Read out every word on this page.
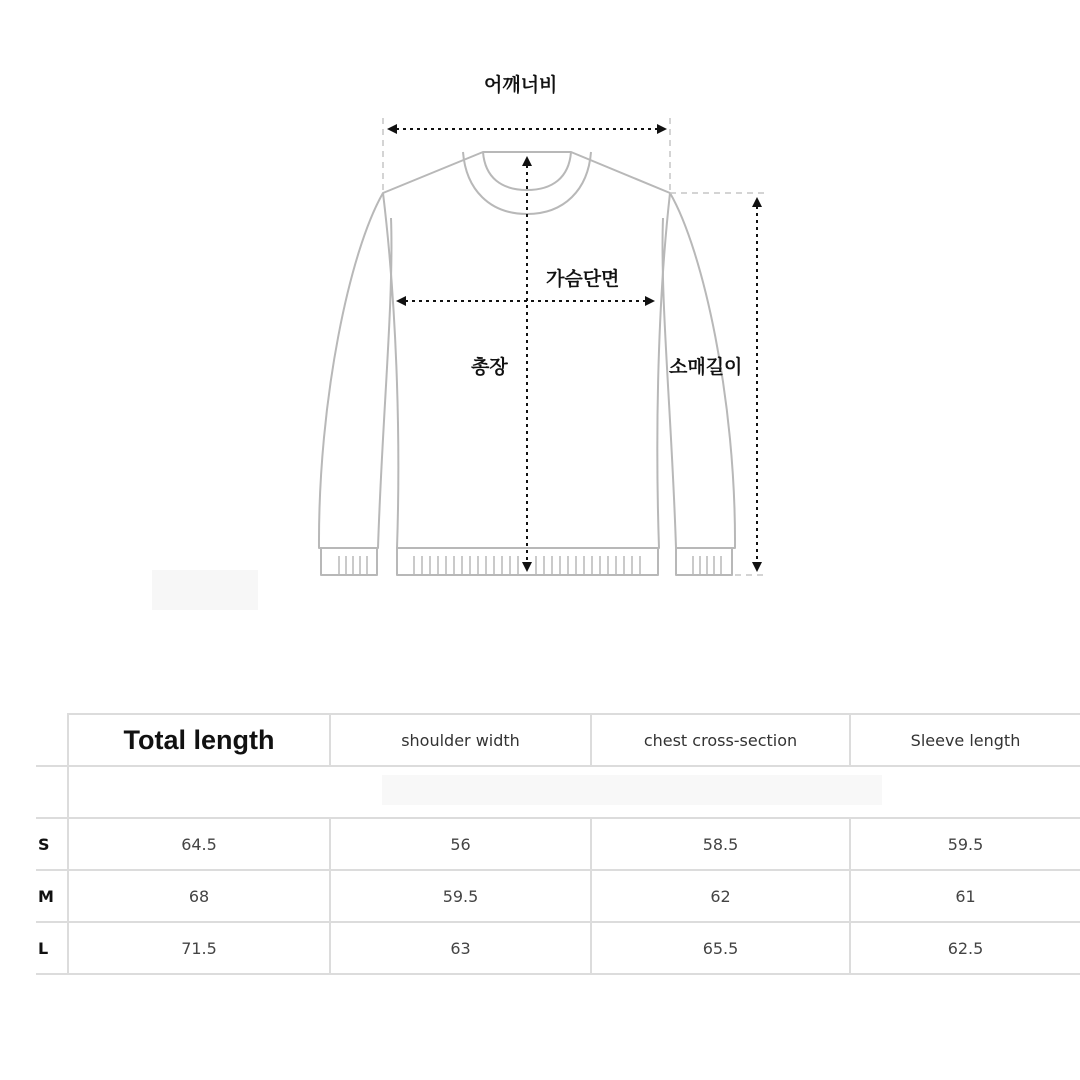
어깨너비
가슴단면
총장	소매길이
	Total length	shoulder width	chest cross-section	Sleeve length

S	64.5	56	58.5	59.5
M	68	59.5	62	61
L	71.5	63	65.5	62.5
